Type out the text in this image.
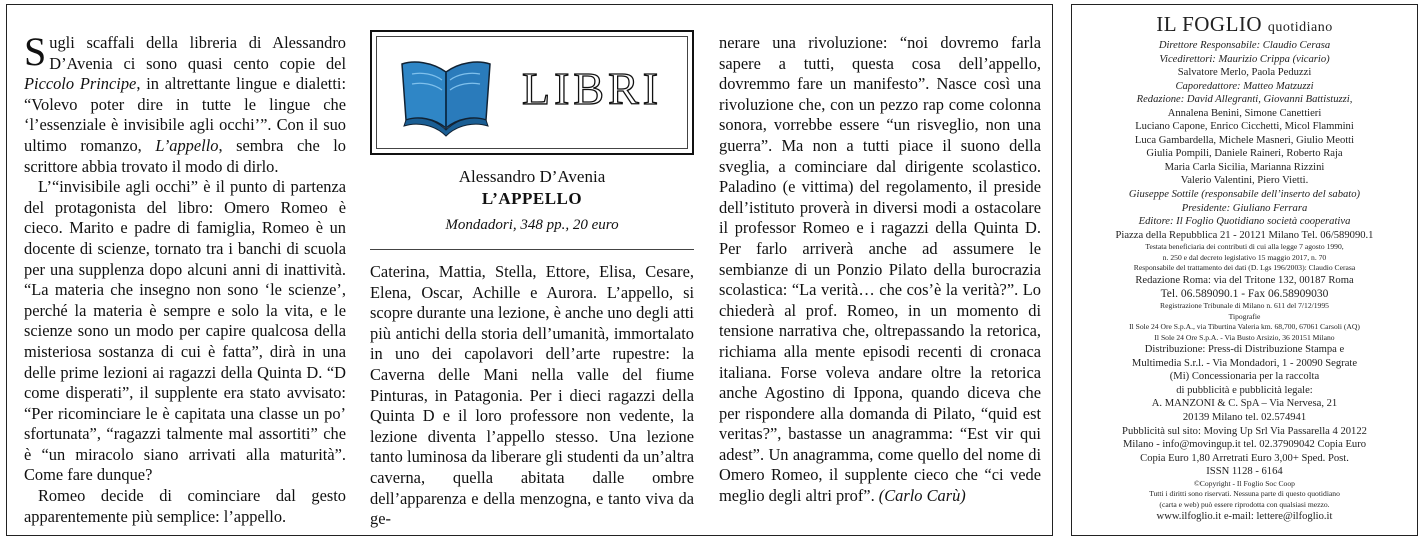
Sugli scaffali della libreria di Alessandro D’Avenia ci sono quasi cento copie del Piccolo Principe, in altrettante lingue e dialetti: “Volevo poter dire in tutte le lingue che ‘l’essenziale è invisibile agli occhi’”. Con il suo ultimo romanzo, L’appello, sembra che lo scrittore abbia trovato il modo di dirlo.

L’“invisibile agli occhi” è il punto di partenza del protagonista del libro: Omero Romeo è cieco. Marito e padre di famiglia, Romeo è un docente di scienze, tornato tra i banchi di scuola per una supplenza dopo alcuni anni di inattività. “La materia che insegno non sono ‘le scienze’, perché la materia è sempre e solo la vita, e le scienze sono un modo per capire qualcosa della misteriosa sostanza di cui è fatta”, dirà in una delle prime lezioni ai ragazzi della Quinta D. “D come disperati”, il supplente era stato avvisato: “Per ricominciare le è capitata una classe un po’ sfortunata”, “ragazzi talmente mal assortiti” che è “un miracolo siano arrivati alla maturità”. Come fare dunque?

Romeo decide di cominciare dal gesto apparentemente più semplice: l’appello.

LIBRI
Alessandro D’Avenia
L’APPELLO
Mondadori, 348 pp., 20 euro

Caterina, Mattia, Stella, Ettore, Elisa, Cesare, Elena, Oscar, Achille e Aurora. L’appello, si scopre durante una lezione, è anche uno degli atti più antichi della storia dell’umanità, immortalato in uno dei capolavori dell’arte rupestre: la Caverna delle Mani nella valle del fiume Pinturas, in Patagonia. Per i dieci ragazzi della Quinta D e il loro professore non vedente, la lezione diventa l’appello stesso. Una lezione tanto luminosa da liberare gli studenti da un’altra caverna, quella abitata dalle ombre dell’apparenza e della menzogna, e tanto viva da ge-

nerare una rivoluzione: “noi dovremo farla sapere a tutti, questa cosa dell’appello, dovremmo fare un manifesto”. Nasce così una rivoluzione che, con un pezzo rap come colonna sonora, vorrebbe essere “un risveglio, non una guerra”. Ma non a tutti piace il suono della sveglia, a cominciare dal dirigente scolastico. Paladino (e vittima) del regolamento, il preside dell’istituto proverà in diversi modi a ostacolare il professor Romeo e i ragazzi della Quinta D. Per farlo arriverà anche ad assumere le sembianze di un Ponzio Pilato della burocrazia scolastica: “La verità… che cos’è la verità?”. Lo chiederà al prof. Romeo, in un momento di tensione narrativa che, oltrepassando la retorica, richiama alla mente episodi recenti di cronaca italiana. Forse voleva andare oltre la retorica anche Agostino di Ippona, quando diceva che per rispondere alla domanda di Pilato, “quid est veritas?”, bastasse un anagramma: “Est vir qui adest”. Un anagramma, come quello del nome di Omero Romeo, il supplente cieco che “ci vede meglio degli altri prof”. (Carlo Carù)

IL FOGLIO quotidiano
Direttore Responsabile: Claudio Cerasa
Vicedirettori: Maurizio Crippa (vicario)
Salvatore Merlo, Paola Peduzzi
Caporedattore: Matteo Matzuzzi
Redazione: David Allegranti, Giovanni Battistuzzi,
Annalena Benini, Simone Canettieri
Luciano Capone, Enrico Cicchetti, Micol Flammini
Luca Gambardella, Michele Masneri, Giulio Meotti
Giulia Pompili, Daniele Raineri, Roberto Raja
Maria Carla Sicilia, Marianna Rizzini
Valerio Valentini, Piero Vietti.
Giuseppe Sottile (responsabile dell’inserto del sabato)
Presidente: Giuliano Ferrara
Editore: Il Foglio Quotidiano società cooperativa
Piazza della Repubblica 21 - 20121 Milano Tel. 06/589090.1
Testata beneficiaria dei contributi di cui alla legge 7 agosto 1990,
n. 250 e dal decreto legislativo 15 maggio 2017, n. 70
Responsabile del trattamento dei dati (D. Lgs 196/2003): Claudio Cerasa
Redazione Roma: via del Tritone 132, 00187 Roma
Tel. 06.589090.1 - Fax 06.58909030
Registrazione Tribunale di Milano n. 611 del 7/12/1995
Tipografie
Il Sole 24 Ore S.p.A., via Tiburtina Valeria km. 68,700, 67061 Carsoli (AQ)
Il Sole 24 Ore S.p.A. - Via Busto Arsizio, 36 20151 Milano
Distribuzione: Press-di Distribuzione Stampa e
Multimedia S.r.l. - Via Mondadori, 1 - 20090 Segrate
(Mi) Concessionaria per la raccolta
di pubblicità e pubblicità legale:
A. MANZONI & C. SpA – Via Nervesa, 21
20139 Milano tel. 02.574941
Pubblicità sul sito: Moving Up Srl Via Passarella 4 20122
Milano - info@movingup.it tel. 02.37909042 Copia Euro
Copia Euro 1,80 Arretrati Euro 3,00+ Sped. Post.
ISSN 1128 - 6164
©Copyright - Il Foglio Soc Coop
Tutti i diritti sono riservati. Nessuna parte di questo quotidiano
(carta e web) può essere riprodotta con qualsiasi mezzo.
www.ilfoglio.it e-mail: lettere@ilfoglio.it
